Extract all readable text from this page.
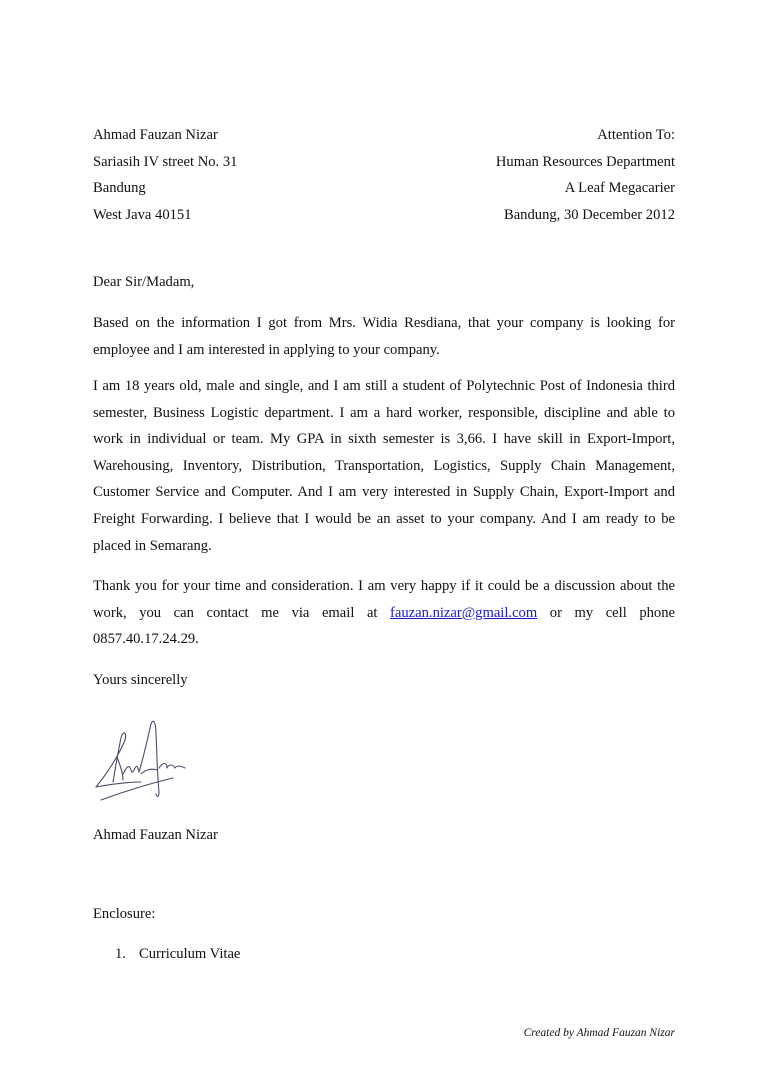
Ahmad Fauzan Nizar
Sariasih IV street No. 31
Bandung
West Java 40151
Attention To:
Human Resources Department
A Leaf Megacarier
Bandung, 30 December 2012
Dear Sir/Madam,

Based on the information I got from Mrs. Widia Resdiana, that your company is looking for employee and I am interested in applying to your company.

I am 18 years old, male and single, and I am still a student of Polytechnic Post of Indonesia third semester, Business Logistic department. I am a hard worker, responsible, discipline and able to work in individual or team. My GPA in sixth semester is 3,66. I have skill in Export-Import, Warehousing, Inventory, Distribution, Transportation, Logistics, Supply Chain Management, Customer Service and Computer. And I am very interested in Supply Chain, Export-Import and Freight Forwarding. I believe that I would be an asset to your company. And I am ready to be placed in Semarang.

Thank you for your time and consideration. I am very happy if it could be a discussion about the work, you can contact me via email at fauzan.nizar@gmail.com or my cell phone 0857.40.17.24.29.

Yours sincerelly
Ahmad Fauzan Nizar
Enclosure:
1. Curriculum Vitae
Created by Ahmad Fauzan Nizar
